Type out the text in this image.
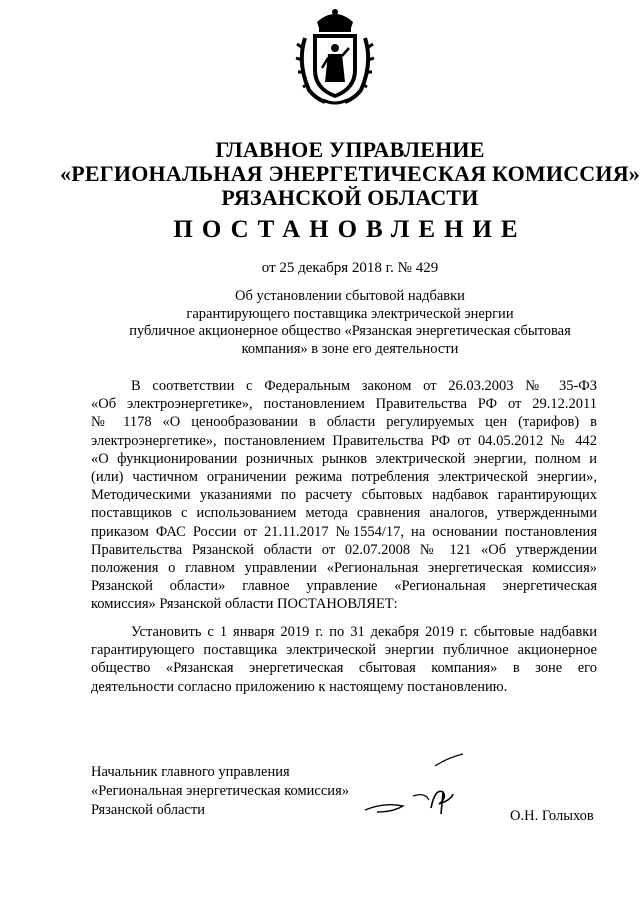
ГЛАВНОЕ УПРАВЛЕНИЕ
«РЕГИОНАЛЬНАЯ ЭНЕРГЕТИЧЕСКАЯ КОМИССИЯ»
РЯЗАНСКОЙ ОБЛАСТИ
ПОСТАНОВЛЕНИЕ
от 25 декабря 2018 г. № 429
Об установлении сбытовой надбавки
гарантирующего поставщика электрической энергии
публичное акционерное общество «Рязанская энергетическая сбытовая
компания» в зоне его деятельности
В соответствии с Федеральным законом от 26.03.2003 № 35-ФЗ
«Об электроэнергетике», постановлением Правительства РФ от 29.12.2011
№ 1178 «О ценообразовании в области регулируемых цен (тарифов) в
электроэнергетике», постановлением Правительства РФ от 04.05.2012 № 442
«О функционировании розничных рынков электрической энергии, полном и
(или) частичном ограничении режима потребления электрической энергии»,
Методическими указаниями по расчету сбытовых надбавок гарантирующих
поставщиков с использованием метода сравнения аналогов, утвержденными
приказом ФАС России от 21.11.2017 №1554/17, на основании постановления
Правительства Рязанской области от 02.07.2008 № 121 «Об утверждении
положения о главном управлении «Региональная энергетическая комиссия»
Рязанской области» главное управление «Региональная энергетическая
комиссия» Рязанской области ПОСТАНОВЛЯЕТ:
Установить с 1 января 2019 г. по 31 декабря 2019 г. сбытовые надбавки
гарантирующего поставщика электрической энергии публичное акционерное
общество «Рязанская энергетическая сбытовая компания» в зоне его
деятельности согласно приложению к настоящему постановлению.
Начальник главного управления
«Региональная энергетическая комиссия»
Рязанской области	О.Н. Голыхов
